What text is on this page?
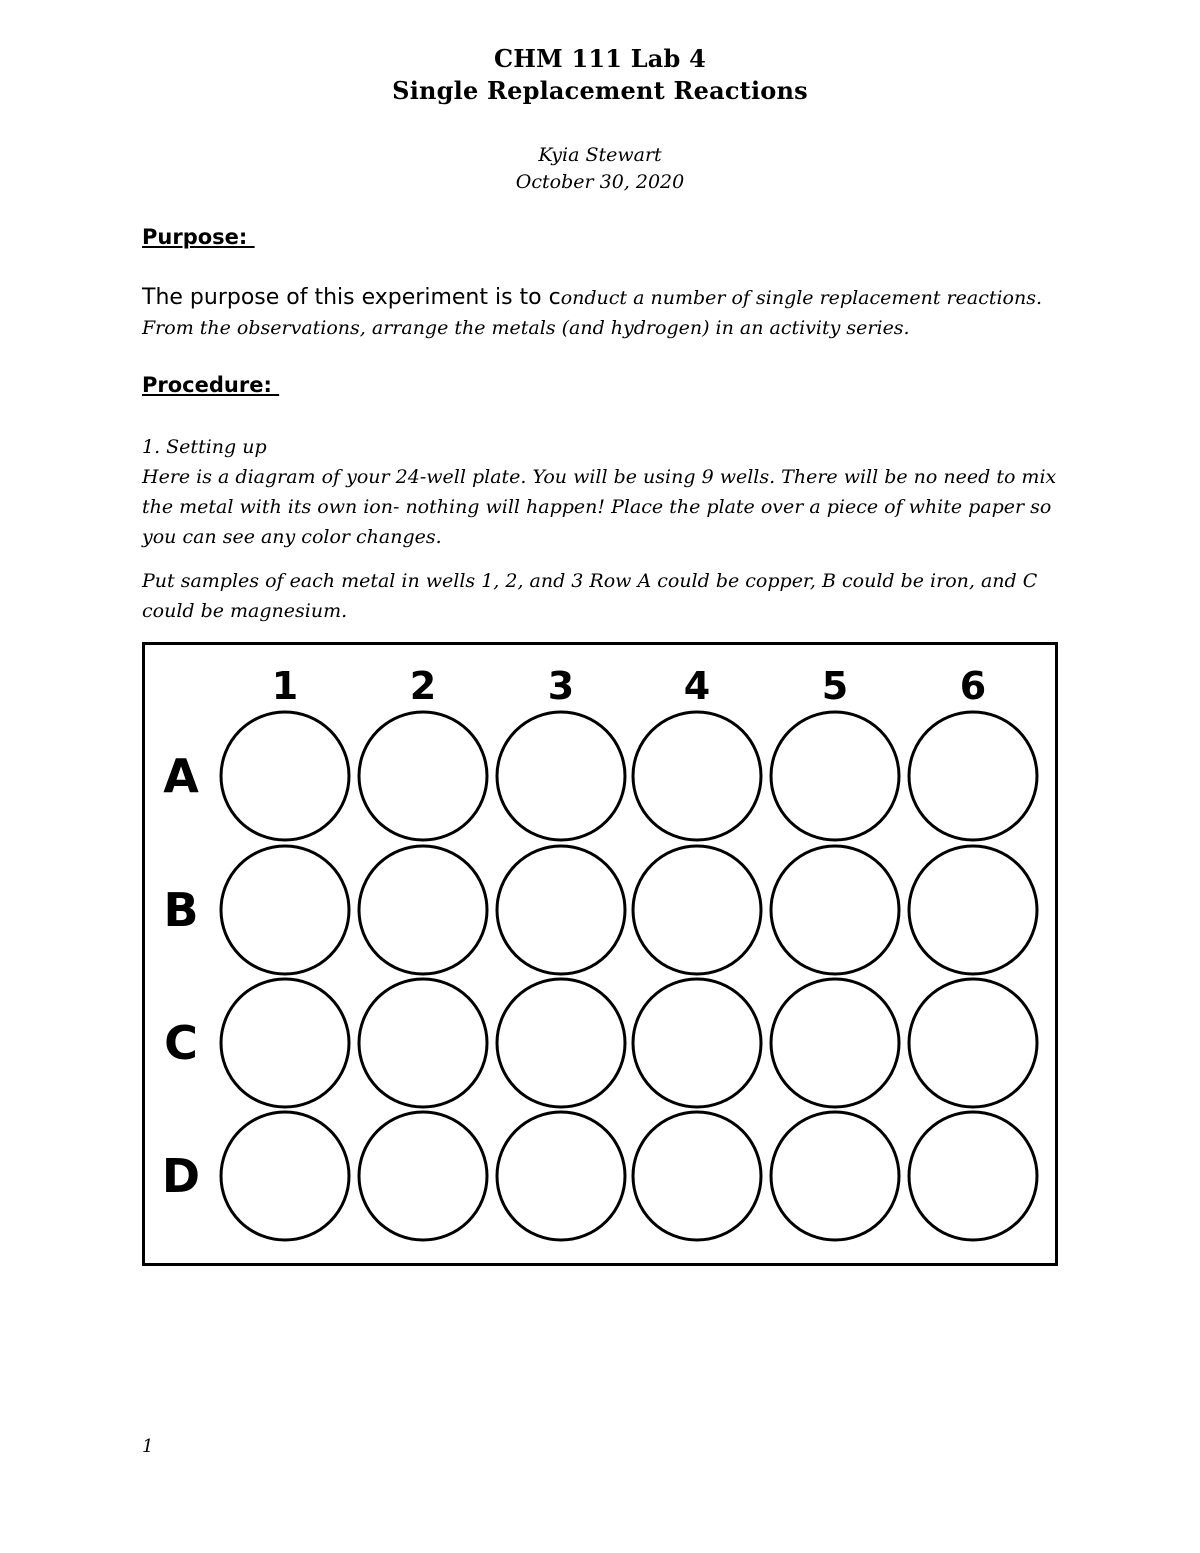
CHM 111 Lab 4
Single Replacement Reactions
Kyia Stewart
October 30, 2020
Purpose:
The purpose of this experiment is to conduct a number of single replacement reactions. From the observations, arrange the metals (and hydrogen) in an activity series.
Procedure:
1. Setting up
Here is a diagram of your 24-well plate. You will be using 9 wells. There will be no need to mix the metal with its own ion- nothing will happen! Place the plate over a piece of white paper so you can see any color changes.
Put samples of each metal in wells 1, 2, and 3 Row A could be copper, B could be iron, and C could be magnesium.
1	2	3	4	5	6
A
B
C
D
1
